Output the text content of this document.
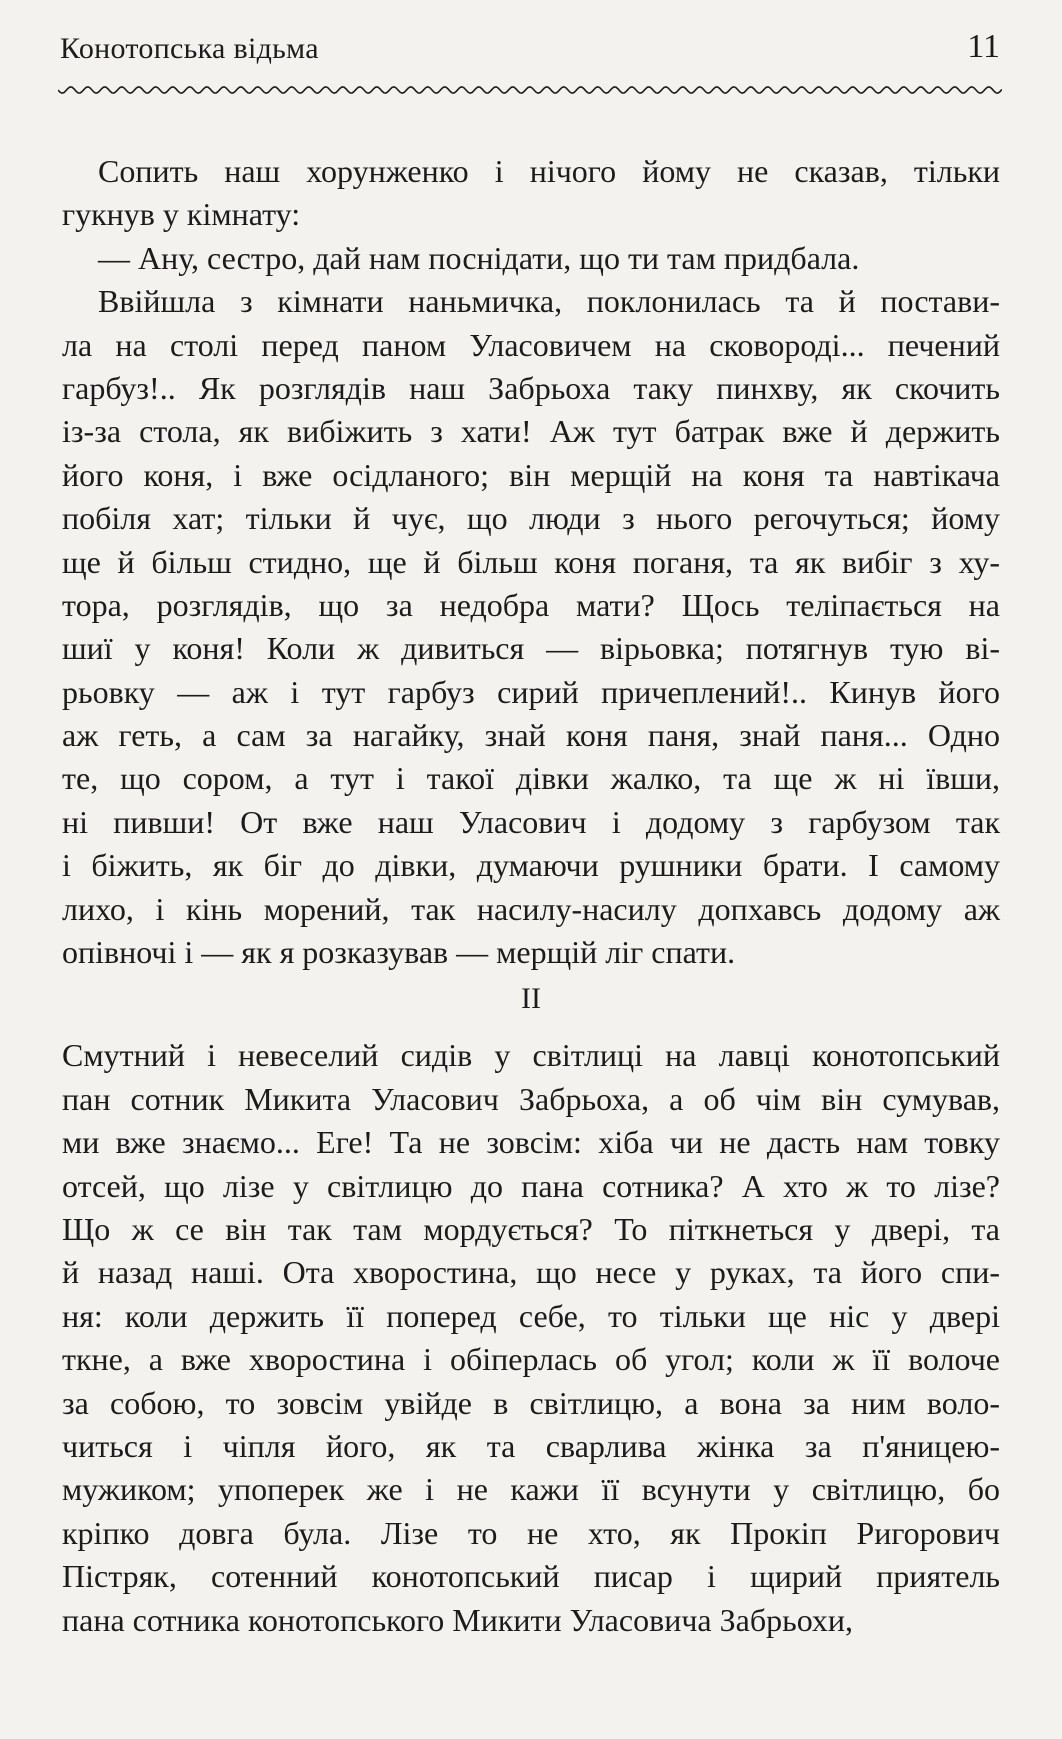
Конотопська відьма	11
Сопить наш хорунженко і нічого йому не сказав, тільки
гукнув у кімнату:
— Ану, сестро, дай нам поснідати, що ти там придбала.
Ввійшла з кімнати наньмичка, поклонилась та й постави-
ла на столі перед паном Уласовичем на сковороді... печений
гарбуз!.. Як розглядів наш Забрьоха таку пинхву, як скочить
із-за стола, як вибіжить з хати! Аж тут батрак вже й держить
його коня, і вже осідланого; він мерщій на коня та навтікача
побіля хат; тільки й чує, що люди з нього регочуться; йому
ще й більш стидно, ще й більш коня поганя, та як вибіг з ху-
тора, розглядів, що за недобра мати? Щось теліпається на
шиї у коня! Коли ж дивиться — вірьовка; потягнув тую ві-
рьовку — аж і тут гарбуз сирий причеплений!.. Кинув його
аж геть, а сам за нагайку, знай коня паня, знай паня... Одно
те, що сором, а тут і такої дівки жалко, та ще ж ні ївши,
ні пивши! От вже наш Уласович і додому з гарбузом так
і біжить, як біг до дівки, думаючи рушники брати. І самому
лихо, і кінь морений, так насилу-насилу допхавсь додому аж
опівночі і — як я розказував — мерщій ліг спати.
II
Смутний і невеселий сидів у світлиці на лавці конотопський
пан сотник Микита Уласович Забрьоха, а об чім він сумував,
ми вже знаємо... Еге! Та не зовсім: хіба чи не дасть нам товку
отсей, що лізе у світлицю до пана сотника? А хто ж то лізе?
Що ж се він так там мордується? То піткнеться у двері, та
й назад наші. Ота хворостина, що несе у руках, та його спи-
ня: коли держить її поперед себе, то тільки ще ніс у двері
ткне, а вже хворостина і обіперлась об угол; коли ж її волоче
за собою, то зовсім увійде в світлицю, а вона за ним воло-
читься і чіпля його, як та сварлива жінка за п'яницею-
мужиком; упоперек же і не кажи її всунути у світлицю, бо
кріпко довга була. Лізе то не хто, як Прокіп Ригорович
Пістряк, сотенний конотопський писар і щирий приятель
пана сотника конотопського Микити Уласовича Забрьохи,
